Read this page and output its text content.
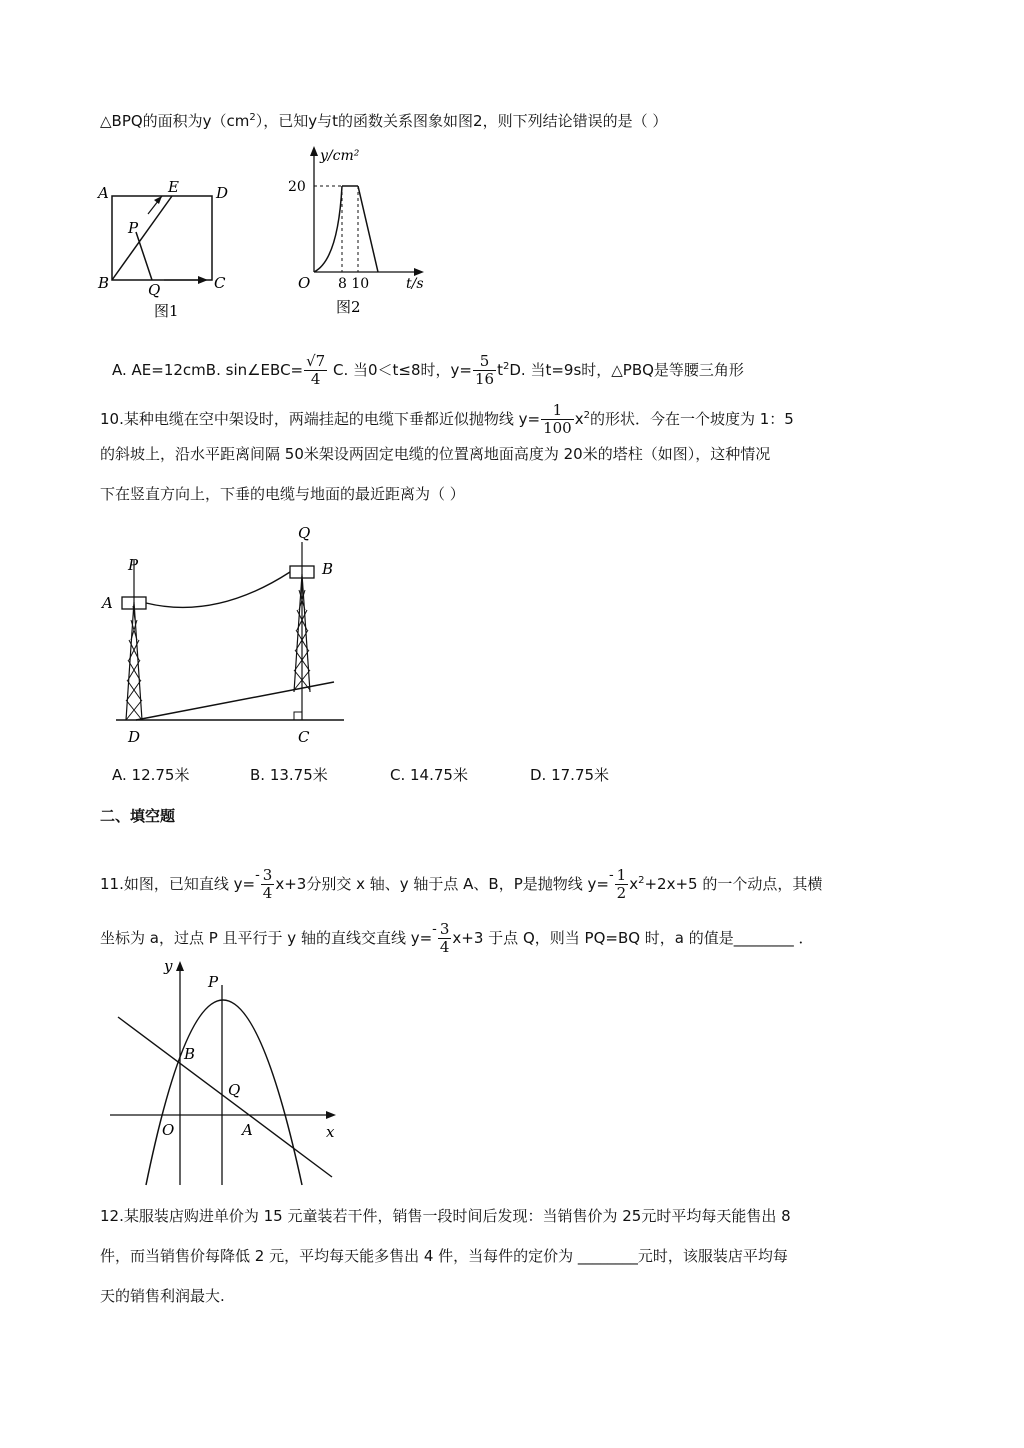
△BPQ的面积为$y(cm^2)$，已知y与t的函数关系图象如图2，则下列结论错误的是（ ）
A	E D
P
B	Q	C
图1
y/cm²
20
O 8 10	t/s
图2
A. AE=12cmB. sin∠EBC= $\frac{√7}{4} C$. 当0＜t≤8时，$y= \frac{5}{16} t^2D$. 当t=9s时，△PBQ是等腰三角形
10.某种电缆在空中架设时，两端挂起的电缆下垂都近似抛物线 $y= \frac{1}{100} x^2$的形状．今在一个坡度为 1：5
的斜坡上，沿水平距离间隔 50米架设两固定电缆的位置离地面高度为 20米的塔柱（如图），这种情况
下在竖直方向上，下垂的电缆与地面的最近距离为（ ）
P
Q
A
B
D	C
A. 12.75米	B. 13.75米	C. 14.75米	D. 17.75米
二、填空题
11.如图，已知直线 $y=- \frac{3}{4} x+3$分别交 x 轴、y 轴于点 A、B，P是抛物线 $y=- \frac{1}{2} x^2+2x+5$ 的一个动点，其横
坐标为 a，过点 P 且平行于 y 轴的直线交直线 $y=- \frac{3}{4} x+3$ 于点 Q，则当 PQ=BQ 时，a 的值是________ ．
y
P
B
Q
O	A	x
12.某服装店购进单价为 15 元童装若干件，销售一段时间后发现：当销售价为 25元时平均每天能售出 8
件，而当销售价每降低 2 元，平均每天能多售出 4 件，当每件的定价为 ________元时，该服装店平均每
天的销售利润最大.
